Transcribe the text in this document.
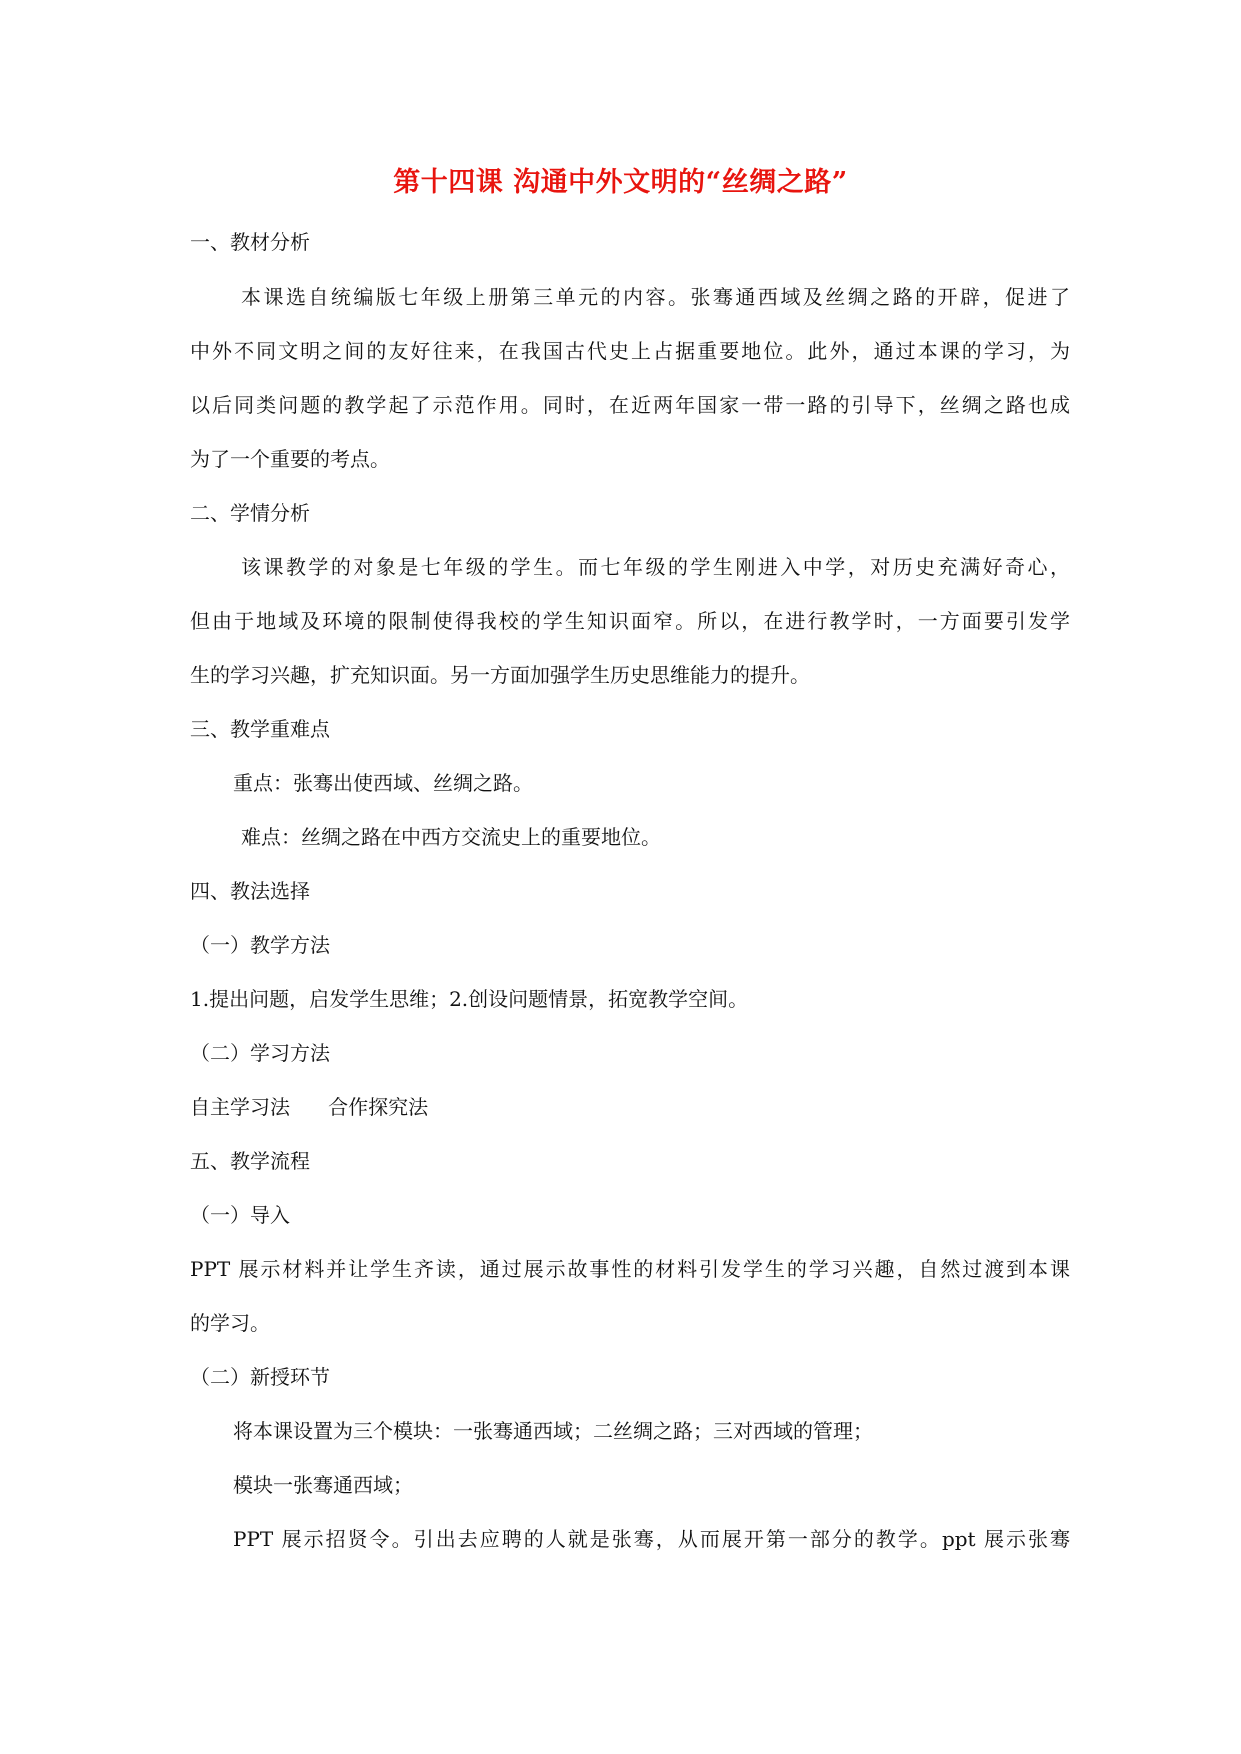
第十四课 沟通中外文明的“丝绸之路”
一、教材分析
本课选自统编版七年级上册第三单元的内容。张骞通西域及丝绸之路的开辟，促进了
中外不同文明之间的友好往来，在我国古代史上占据重要地位。此外，通过本课的学习，为
以后同类问题的教学起了示范作用。同时，在近两年国家一带一路的引导下，丝绸之路也成
为了一个重要的考点。
二、学情分析
该课教学的对象是七年级的学生。而七年级的学生刚进入中学，对历史充满好奇心，
但由于地域及环境的限制使得我校的学生知识面窄。所以，在进行教学时，一方面要引发学
生的学习兴趣，扩充知识面。另一方面加强学生历史思维能力的提升。
三、教学重难点
重点：张骞出使西域、丝绸之路。
难点：丝绸之路在中西方交流史上的重要地位。
四、教法选择
（一）教学方法
1.提出问题，启发学生思维；2.创设问题情景，拓宽教学空间。
（二）学习方法
自主学习法      合作探究法
五、教学流程
（一）导入
PPT 展示材料并让学生齐读，通过展示故事性的材料引发学生的学习兴趣，自然过渡到本课
的学习。
（二）新授环节
将本课设置为三个模块：一张骞通西域；二丝绸之路；三对西域的管理；
模块一张骞通西域；
PPT 展示招贤令。引出去应聘的人就是张骞，从而展开第一部分的教学。ppt 展示张骞
